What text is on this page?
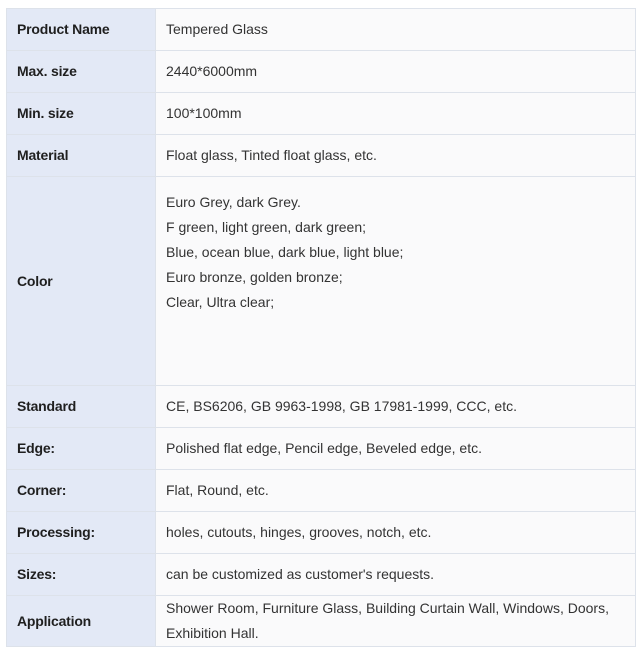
Product Name	Tempered Glass
Max. size	2440*6000mm
Min. size	100*100mm
Material	Float glass, Tinted float glass, etc.
Color	Euro Grey, dark Grey.
F green, light green, dark green;
Blue, ocean blue, dark blue, light blue;
Euro bronze, golden bronze;
Clear, Ultra clear;

Standard	CE, BS6206, GB 9963-1998, GB 17981-1999, CCC, etc.
Edge:	Polished flat edge, Pencil edge, Beveled edge, etc.
Corner:	Flat, Round, etc.
Processing:	holes, cutouts, hinges, grooves, notch, etc.
Sizes:	can be customized as customer's requests.
Application	Shower Room, Furniture Glass, Building Curtain Wall, Windows, Doors, Exhibition Hall.
